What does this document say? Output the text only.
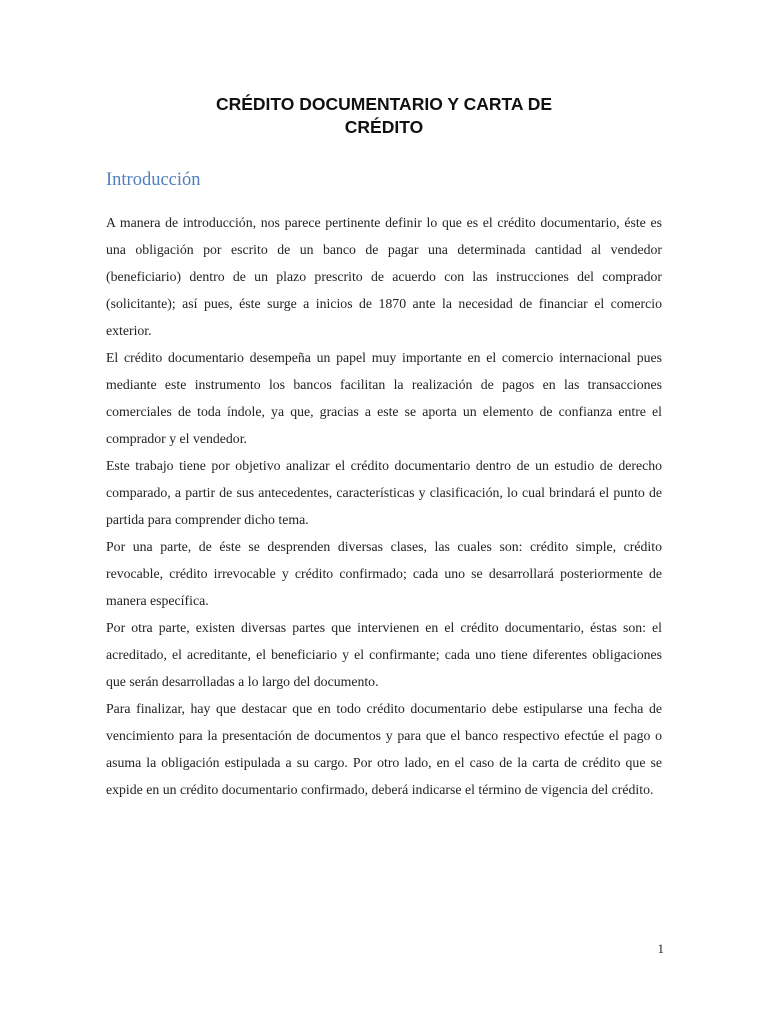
CRÉDITO DOCUMENTARIO Y CARTA DE
CRÉDITO
Introducción

A manera de introducción, nos parece pertinente definir lo que es el crédito documentario, éste es una obligación por escrito de un banco de pagar una determinada cantidad al vendedor (beneficiario) dentro de un plazo prescrito de acuerdo con las instrucciones del comprador (solicitante); así pues, éste surge a inicios de 1870 ante la necesidad de financiar el comercio exterior.

El crédito documentario desempeña un papel muy importante en el comercio internacional pues mediante este instrumento los bancos facilitan la realización de pagos en las transacciones comerciales de toda índole, ya que, gracias a este se aporta un elemento de confianza entre el comprador y el vendedor.

Este trabajo tiene por objetivo analizar el crédito documentario dentro de un estudio de derecho comparado, a partir de sus antecedentes, características y clasificación, lo cual brindará el punto de partida para comprender dicho tema.

Por una parte, de éste se desprenden diversas clases, las cuales son: crédito simple, crédito revocable, crédito irrevocable y crédito confirmado; cada uno se desarrollará posteriormente de manera específica.

Por otra parte, existen diversas partes que intervienen en el crédito documentario, éstas son: el acreditado, el acreditante, el beneficiario y el confirmante; cada uno tiene diferentes obligaciones que serán desarrolladas a lo largo del documento.

Para finalizar, hay que destacar que en todo crédito documentario debe estipularse una fecha de vencimiento para la presentación de documentos y para que el banco respectivo efectúe el pago o asuma la obligación estipulada a su cargo. Por otro lado, en el caso de la carta de crédito que se expide en un crédito documentario confirmado, deberá indicarse el término de vigencia del crédito.

1
